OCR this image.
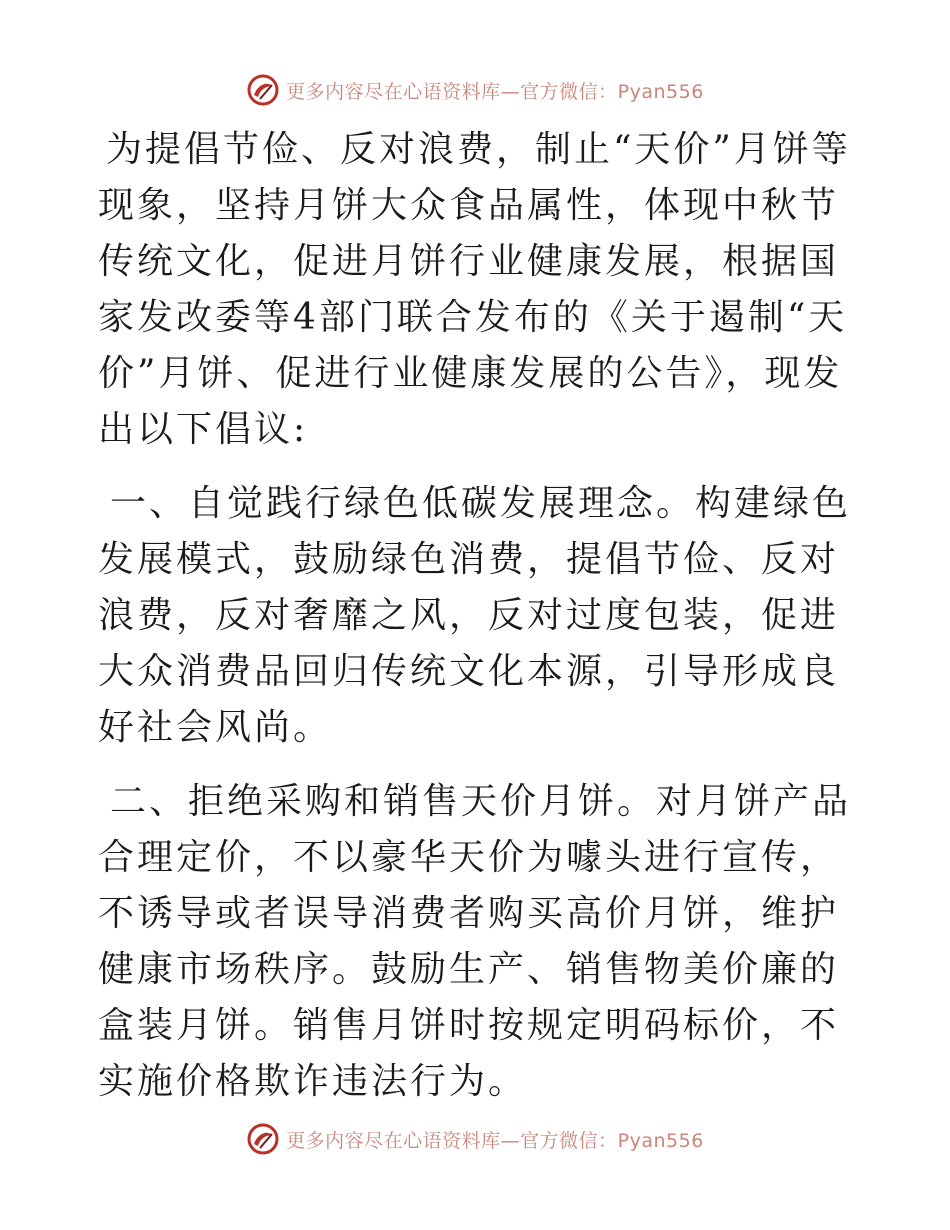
更多内容尽在心语资料库—官方微信：Pyan556

为提倡节俭、反对浪费，制止“天价”月饼等现象，坚持月饼大众食品属性，体现中秋节传统文化，促进月饼行业健康发展，根据国家发改委等4部门联合发布的《关于遏制“天价”月饼、促进行业健康发展的公告》，现发出以下倡议:

一、自觉践行绿色低碳发展理念。构建绿色发展模式，鼓励绿色消费，提倡节俭、反对浪费，反对奢靡之风，反对过度包装，促进大众消费品回归传统文化本源，引导形成良好社会风尚。

二、拒绝采购和销售天价月饼。对月饼产品合理定价，不以豪华天价为噱头进行宣传，不诱导或者误导消费者购买高价月饼，维护健康市场秩序。鼓励生产、销售物美价廉的盒装月饼。销售月饼时按规定明码标价，不实施价格欺诈违法行为。

更多内容尽在心语资料库—官方微信：Pyan556
